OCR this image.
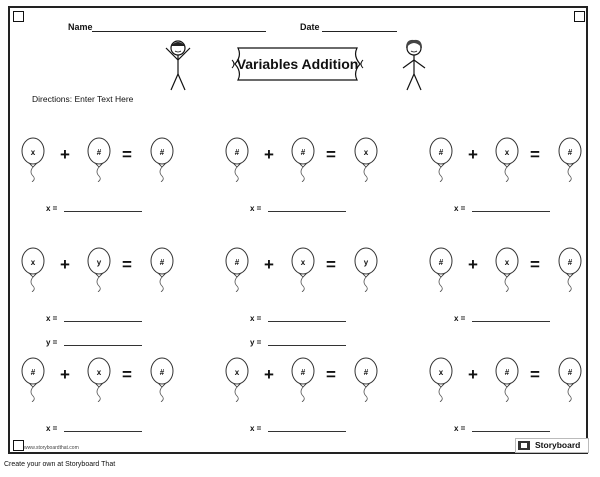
Name	Date
Variables Addition
Directions: Enter Text Here
x	#	#
+	=
x =
#	#	x
+	=
x =
#	x	#
+	=
x =
x	y	#
+	=
x =
y =
#	x	y
+	=
x =
y =
#	x	#
+	=
x =
#	x	#
+	=
x =
x	#	#
+	=
x =
x	#	#
+	=
x =
www.storyboardthat.com	Storyboard
Create your own at Storyboard That
